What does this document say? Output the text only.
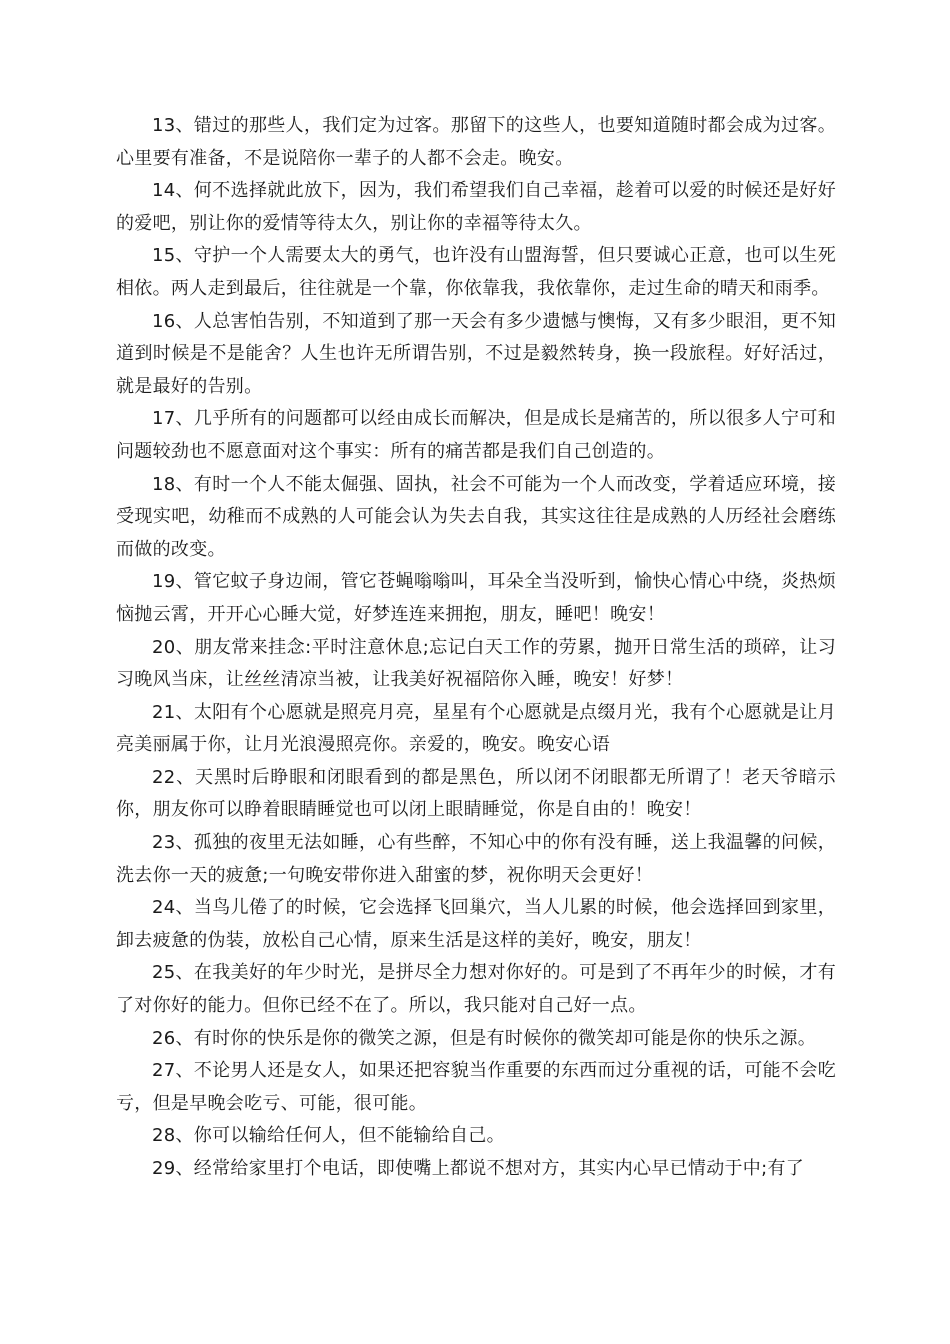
13、错过的那些人，我们定为过客。那留下的这些人，也要知道随时都会成为过客。心里要有准备，不是说陪你一辈子的人都不会走。晚安。

14、何不选择就此放下，因为，我们希望我们自己幸福，趁着可以爱的时候还是好好的爱吧，别让你的爱情等待太久，别让你的幸福等待太久。

15、守护一个人需要太大的勇气，也许没有山盟海誓，但只要诚心正意，也可以生死相依。两人走到最后，往往就是一个靠，你依靠我，我依靠你，走过生命的晴天和雨季。

16、人总害怕告别，不知道到了那一天会有多少遗憾与懊悔，又有多少眼泪，更不知道到时候是不是能舍？人生也许无所谓告别，不过是毅然转身，换一段旅程。好好活过，就是最好的告别。

17、几乎所有的问题都可以经由成长而解决，但是成长是痛苦的，所以很多人宁可和问题较劲也不愿意面对这个事实：所有的痛苦都是我们自己创造的。

18、有时一个人不能太倔强、固执，社会不可能为一个人而改变，学着适应环境，接受现实吧，幼稚而不成熟的人可能会认为失去自我，其实这往往是成熟的人历经社会磨练而做的改变。

19、管它蚊子身边闹，管它苍蝇嗡嗡叫，耳朵全当没听到，愉快心情心中绕，炎热烦恼抛云霄，开开心心睡大觉，好梦连连来拥抱，朋友，睡吧！晚安！

20、朋友常来挂念:平时注意休息;忘记白天工作的劳累，抛开日常生活的琐碎，让习习晚风当床，让丝丝清凉当被，让我美好祝福陪你入睡，晚安！好梦！

21、太阳有个心愿就是照亮月亮，星星有个心愿就是点缀月光，我有个心愿就是让月亮美丽属于你，让月光浪漫照亮你。亲爱的，晚安。晚安心语

22、天黑时后睁眼和闭眼看到的都是黑色，所以闭不闭眼都无所谓了！老天爷暗示你，朋友你可以睁着眼睛睡觉也可以闭上眼睛睡觉，你是自由的！晚安！

23、孤独的夜里无法如睡，心有些醉，不知心中的你有没有睡，送上我温馨的问候，洗去你一天的疲惫;一句晚安带你进入甜蜜的梦，祝你明天会更好！

24、当鸟儿倦了的时候，它会选择飞回巢穴，当人儿累的时候，他会选择回到家里，卸去疲惫的伪装，放松自己心情，原来生活是这样的美好，晚安，朋友！

25、在我美好的年少时光，是拼尽全力想对你好的。可是到了不再年少的时候，才有了对你好的能力。但你已经不在了。所以，我只能对自己好一点。

26、有时你的快乐是你的微笑之源，但是有时候你的微笑却可能是你的快乐之源。

27、不论男人还是女人，如果还把容貌当作重要的东西而过分重视的话，可能不会吃亏，但是早晚会吃亏、可能，很可能。

28、你可以输给任何人，但不能输给自己。

29、经常给家里打个电话，即使嘴上都说不想对方，其实内心早已情动于中;有了
